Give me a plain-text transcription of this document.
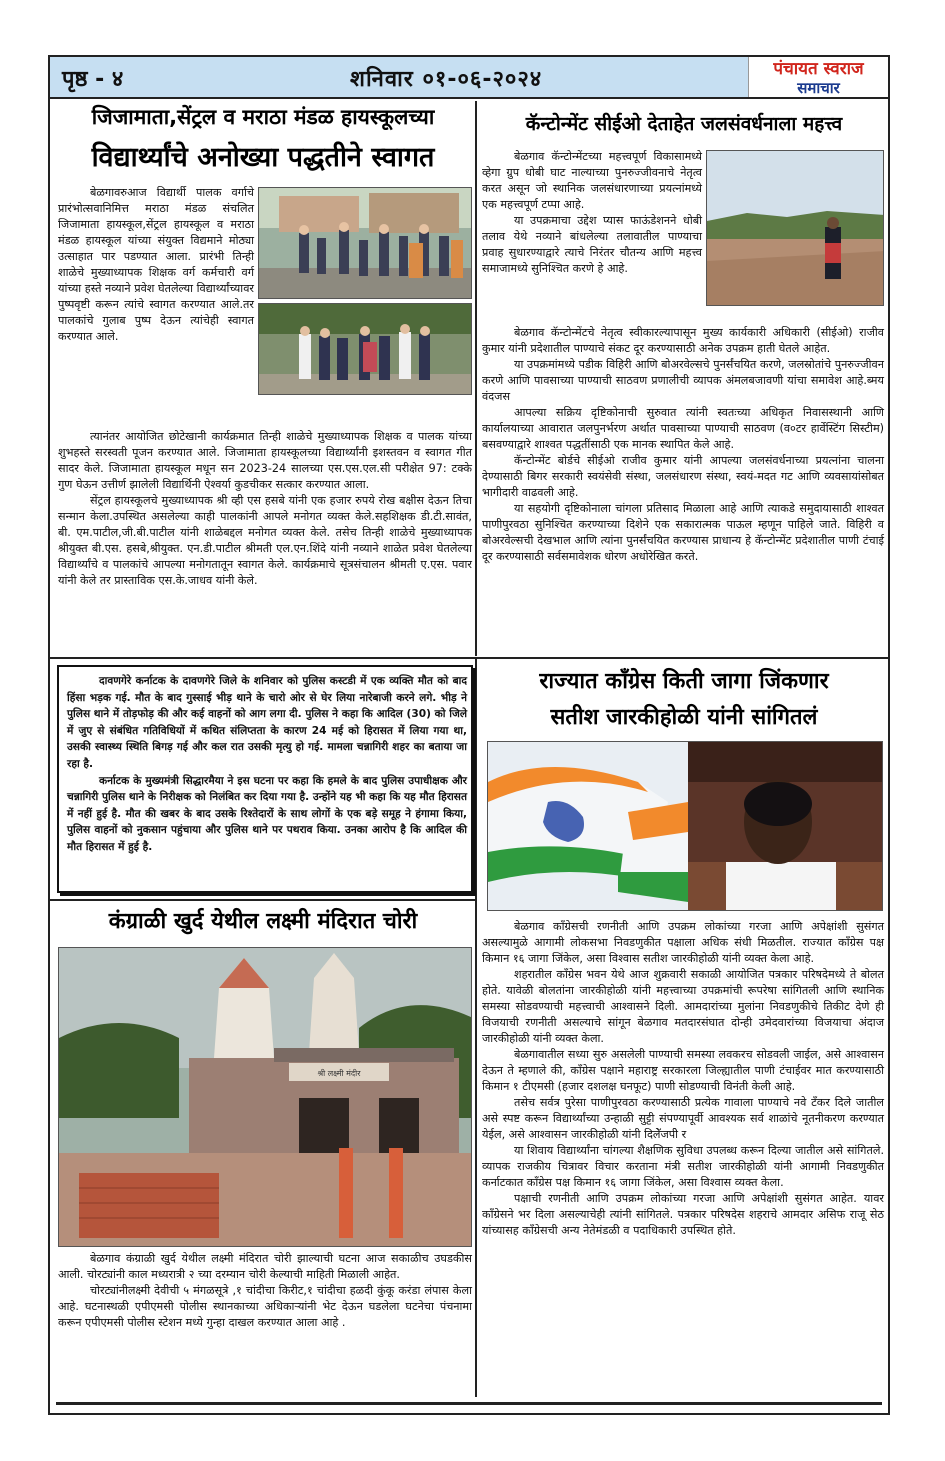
पृष्ठ - ४	शनिवार ०१-०६-२०२४	पंचायत स्वराज
समाचार
जिजामाता,सेंट्रल व मराठा मंडळ हायस्कूलच्या
विद्यार्थ्यांचे अनोख्या पद्धतीने स्वागत

बेळगावरुआज विद्यार्थी पालक वर्गाचे प्रारंभोत्सवानिमित्त मराठा मंडळ संचलित जिजामाता हायस्कूल,सेंट्रल हायस्कूल व मराठा मंडळ हायस्कूल यांच्या संयुक्त विद्यमाने मोठ्या उत्साहात पार पडण्यात आला. प्रारंभी तिन्ही शाळेचे मुख्याध्यापक शिक्षक वर्ग कर्मचारी वर्ग यांच्या हस्ते नव्याने प्रवेश घेतलेल्या विद्यार्थ्यांच्यावर पुष्पवृष्टी करून त्यांचे स्वागत करण्यात आले.तर पालकांचे गुलाब पुष्प देऊन त्यांचेही स्वागत करण्यात आले.

त्यानंतर आयोजित छोटेखानी कार्यक्रमात तिन्ही शाळेचे मुख्याध्यापक शिक्षक व पालक यांच्या शुभहस्ते सरस्वती पूजन करण्यात आले. जिजामाता हायस्कूलच्या विद्यार्थ्यांनी इशस्तवन व स्वागत गीत सादर केले. जिजामाता हायस्कूल मधून सन 2023-24 सालच्या एस.एस.एल.सी परीक्षेत 97: टक्के गुण घेऊन उत्तीर्ण झालेली विद्यार्थिनी ऐश्वर्या कुडचीकर सत्कार करण्यात आला.

सेंट्रल हायस्कूलचे मुख्याध्यापक श्री व्ही एस हसबे यांनी एक हजार रुपये रोख बक्षीस देऊन तिचा सन्मान केला.उपस्थित असलेल्या काही पालकांनी आपले मनोगत व्यक्त केले.सहशिक्षक डी.टी.सावंत, बी. एम.पाटील,जी.बी.पाटील यांनी शाळेबद्दल मनोगत व्यक्त केले. तसेच तिन्ही शाळेचे मुख्याध्यापक श्रीयुक्त बी.एस. हसबे,श्रीयुक्त. एन.डी.पाटील श्रीमती एल.एन.शिंदे यांनी नव्याने शाळेत प्रवेश घेतलेल्या विद्यार्थ्यांचे व पालकांचे आपल्या मनोगतातून स्वागत केले. कार्यक्रमाचे सूत्रसंचालन श्रीमती ए.एस. पवार यांनी केले तर प्रास्ताविक एस.के.जाधव यांनी केले.

कॅन्टोन्मेंट सीईओ देताहेत जलसंवर्धनाला महत्त्व

बेळगाव कॅन्टोन्मेंटच्या महत्त्वपूर्ण विकासामध्ये व्हेगा ग्रुप धोबी घाट नाल्याच्या पुनरुज्जीवनाचे नेतृत्व करत असून जो स्थानिक जलसंधारणाच्या प्रयत्नांमध्ये एक महत्त्वपूर्ण टप्पा आहे.

या उपक्रमाचा उद्देश प्यास फाऊंडेशनने धोबी तलाव येथे नव्याने बांधलेल्या तलावातील पाण्याचा प्रवाह सुधारण्याद्वारे त्याचे निरंतर चौतन्य आणि महत्त्व समाजामध्ये सुनिश्चित करणे हे आहे.

बेळगाव कॅन्टोन्मेंटचे नेतृत्व स्वीकारल्यापासून मुख्य कार्यकारी अधिकारी (सीईओ) राजीव कुमार यांनी प्रदेशातील पाण्याचे संकट दूर करण्यासाठी अनेक उपक्रम हाती घेतले आहेत.

या उपक्रमांमध्ये पडीक विहिरी आणि बोअरवेल्सचे पुनर्संचयित करणे, जलस्रोतांचे पुनरुज्जीवन करणे आणि पावसाच्या पाण्याची साठवण प्रणालीची व्यापक अंमलबजावणी यांचा समावेश आहे.ब्मय वंदजस

आपल्या सक्रिय दृष्टिकोनाची सुरुवात त्यांनी स्वतःच्या अधिकृत निवासस्थानी आणि कार्यालयाच्या आवारात जलपुनर्भरण अर्थात पावसाच्या पाण्याची साठवण (व०टर हार्वेस्टिंग सिस्टीम) बसवण्याद्वारे शाश्वत पद्धतींसाठी एक मानक स्थापित केले आहे.

कॅन्टोन्मेंट बोर्डचे सीईओ राजीव कुमार यांनी आपल्या जलसंवर्धनाच्या प्रयत्नांना चालना देण्यासाठी बिगर सरकारी स्वयंसेवी संस्था, जलसंधारण संस्था, स्वयं-मदत गट आणि व्यवसायांसोबत भागीदारी वाढवली आहे.

या सहयोगी दृष्टिकोनाला चांगला प्रतिसाद मिळाला आहे आणि त्याकडे समुदायासाठी शाश्वत पाणीपुरवठा सुनिश्चित करण्याच्या दिशेने एक सकारात्मक पाऊल म्हणून पाहिले जाते. विहिरी व बोअरवेल्सची देखभाल आणि त्यांना पुनर्संचयित करण्यास प्राधान्य हे कॅन्टोन्मेंट प्रदेशातील पाणी टंचाई दूर करण्यासाठी सर्वसमावेशक धोरण अधोरेखित करते.

दावणगेरे कर्नाटक के दावणगेरे जिले के शनिवार को पुलिस कस्टडी में एक व्यक्ति मौत को बाद हिंसा भड़क गई. मौत के बाद गुस्साई भीड़ थाने के चारो ओर से घेर लिया नारेबाजी करने लगे. भीड़ ने पुलिस थाने में तोड़फोड़ की और कई वाहनों को आग लगा दी. पुलिस ने कहा कि आदिल (30) को जिले में जुए से संबंधित गतिविधियों में कथित संलिप्तता के कारण 24 मई को हिरासत में लिया गया था, उसकी स्वास्थ्य स्थिति बिगड़ गई और कल रात उसकी मृत्यु हो गई. मामला चन्नागिरी शहर का बताया जा रहा है.

कर्नाटक के मुख्यमंत्री सिद्धारमैया ने इस घटना पर कहा कि हमले के बाद पुलिस उपाधीक्षक और चन्नागिरी पुलिस थाने के निरीक्षक को निलंबित कर दिया गया है. उन्होंने यह भी कहा कि यह मौत हिरासत में नहीं हुई है. मौत की खबर के बाद उसके रिश्तेदारों के साथ लोगों के एक बड़े समूह ने हंगामा किया, पुलिस वाहनों को नुकसान पहुंचाया और पुलिस थाने पर पथराव किया. उनका आरोप है कि आदिल की मौत हिरासत में हुई है.

राज्यात कॉंग्रेस किती जागा जिंकणार
सतीश जारकीहोळी यांनी सांगितलं

बेळगाव कॉंग्रेसची रणनीती आणि उपक्रम लोकांच्या गरजा आणि अपेक्षांशी सुसंगत असल्यामुळे आगामी लोकसभा निवडणुकीत पक्षाला अधिक संधी मिळतील. राज्यात कॉंग्रेस पक्ष किमान १६ जागा जिंकेल, असा विश्वास सतीश जारकीहोळी यांनी व्यक्त केला आहे.

शहरातील कॉंग्रेस भवन येथे आज शुक्रवारी सकाळी आयोजित पत्रकार परिषदेमध्ये ते बोलत होते. यावेळी बोलतांना जारकीहोळी यांनी महत्त्वाच्या उपक्रमांची रूपरेषा सांगितली आणि स्थानिक समस्या सोडवण्याची महत्त्वाची आश्वासने दिली. आमदारांच्या मुलांना निवडणुकीचे तिकीट देणे ही विजयाची रणनीती असल्याचे सांगून बेळगाव मतदारसंघात दोन्ही उमेदवारांच्या विजयाचा अंदाज जारकीहोळी यांनी व्यक्त केला.

बेळगावातील सध्या सुरु असलेली पाण्याची समस्या लवकरच सोडवली जाईल, असे आश्वासन देऊन ते म्हणाले की, कॉंग्रेस पक्षाने महाराष्ट्र सरकारला जिल्ह्यातील पाणी टंचाईवर मात करण्यासाठी किमान १ टीएमसी (हजार दशलक्ष घनफूट) पाणी सोडण्याची विनंती केली आहे.

तसेच सर्वत्र पुरेसा पाणीपुरवठा करण्यासाठी प्रत्येक गावाला पाण्याचे नवे टँकर दिले जातील असे स्पष्ट करून विद्यार्थ्यांच्या उन्हाळी सुट्टी संपण्यापूर्वी आवश्यक सर्व शाळांचे नूतनीकरण करण्यात येईल, असे आश्वासन जारकीहोळी यांनी दिलेॅजपीे र

या शिवाय विद्यार्थ्यांना चांगल्या शैक्षणिक सुविधा उपलब्ध करून दिल्या जातील असे सांगितले. व्यापक राजकीय चित्रावर विचार करताना मंत्री सतीश जारकीहोळी यांनी आगामी निवडणुकीत कर्नाटकात कॉंग्रेस पक्ष किमान १६ जागा जिंकेल, असा विश्वास व्यक्त केला.

पक्षाची रणनीती आणि उपक्रम लोकांच्या गरजा आणि अपेक्षांशी सुसंगत आहेत. यावर कॉंग्रेसने भर दिला असल्याचेही त्यांनी सांगितले. पत्रकार परिषदेस शहराचे आमदार असिफ राजू सेठ यांच्यासह कॉंग्रेसची अन्य नेतेमंडळी व पदाधिकारी उपस्थित होते.

कंग्राळी खुर्द येथील लक्ष्मी मंदिरात चोरी
श्री लक्ष्मी मंदीर

बेळगाव कंग्राळी खुर्द येथील लक्ष्मी मंदिरात चोरी झाल्याची घटना आज सकाळीच उघडकीस आली. चोरट्यांनी काल मध्यरात्री २ च्या दरम्यान चोरी केल्याची माहिती मिळाली आहेत.

चोरट्यांनीलक्ष्मी देवीची ५ मंगळसूत्रे ,१ चांदीचा किरीट,१ चांदीचा हळदी कुंकू करंडा लंपास केला आहे. घटनास्थळी एपीएमसी पोलीस स्थानकाच्या अधिकाऱ्यांनी भेट देऊन घडलेला घटनेचा पंचनामा करून एपीएमसी पोलीस स्टेशन मध्ये गुन्हा दाखल करण्यात आला आहे .
